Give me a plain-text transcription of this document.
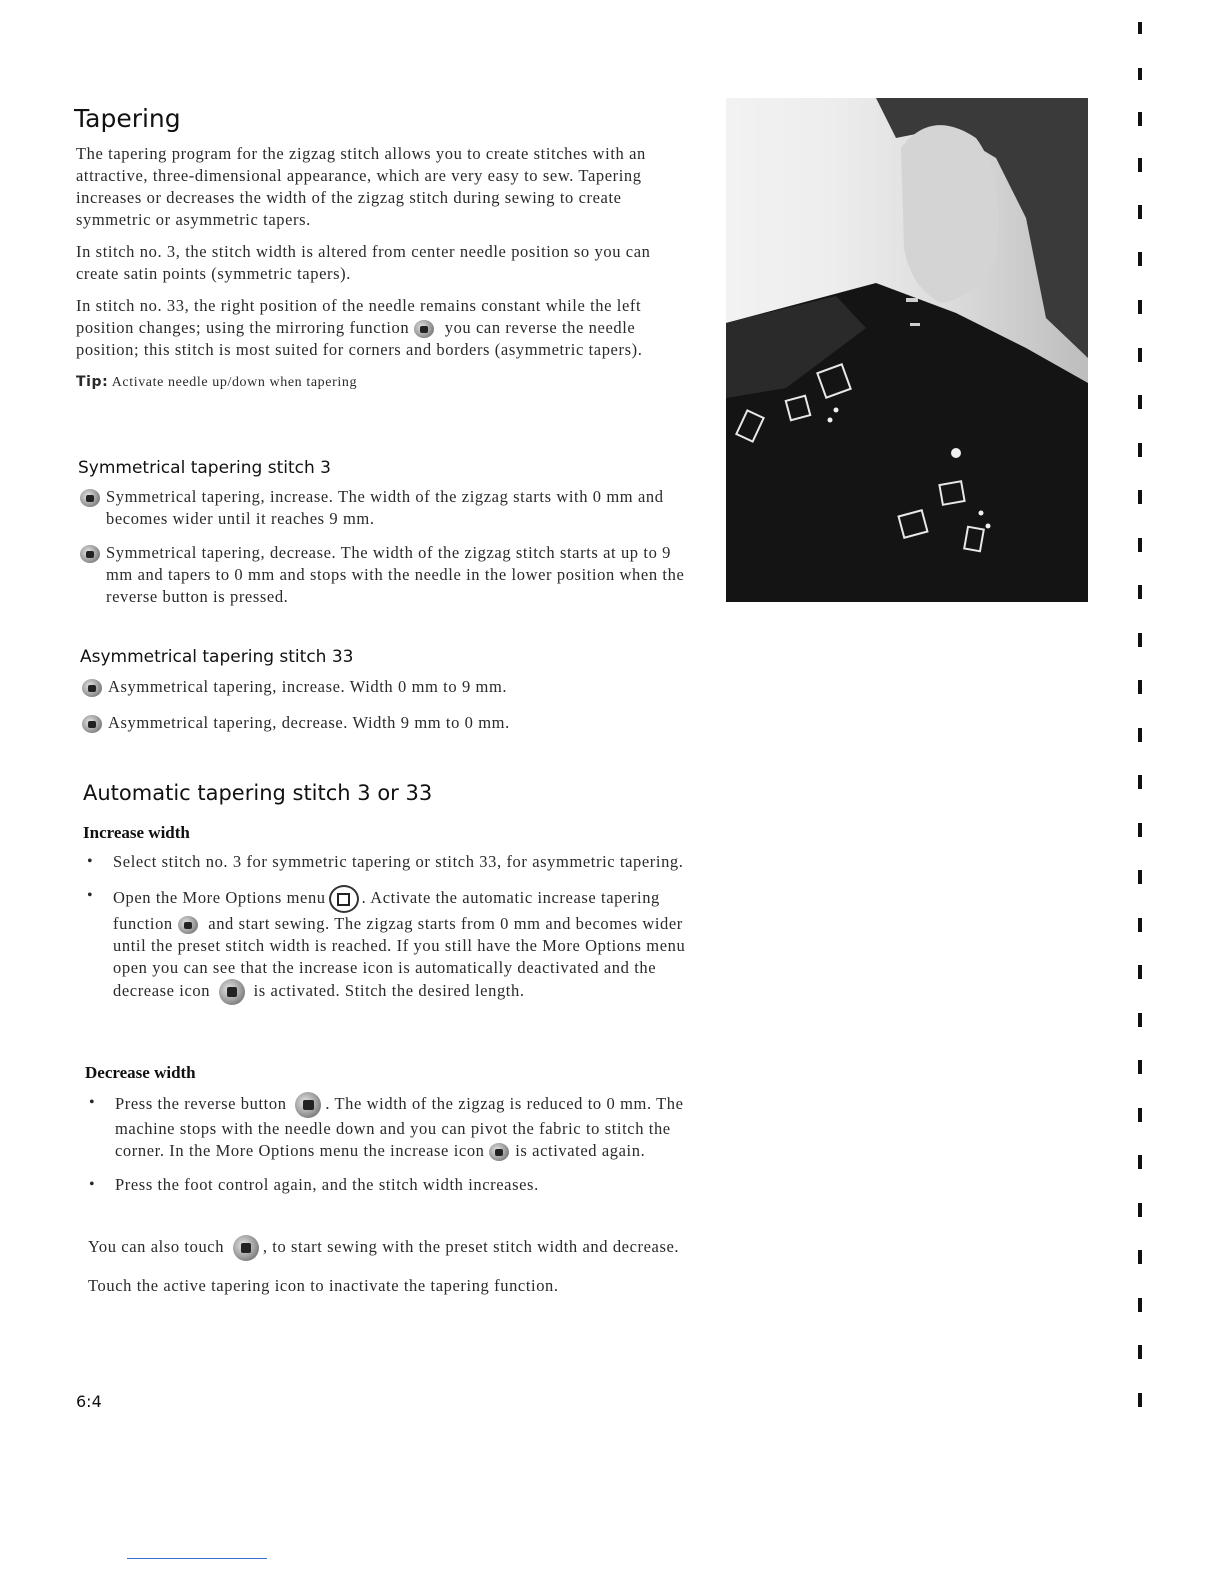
Tapering

The tapering program for the zigzag stitch allows you to create stitches with an attractive, three-dimensional appearance, which are very easy to sew. Tapering increases or decreases the width of the zigzag stitch during sewing to create symmetric or asymmetric tapers.

In stitch no. 3, the stitch width is altered from center needle position so you can create satin points (symmetric tapers).

In stitch no. 33, the right position of the needle remains constant while the left position changes; using the mirroring function you can reverse the needle position; this stitch is most suited for corners and borders (asymmetric tapers).

Tip: Activate needle up/down when tapering

Symmetrical tapering stitch 3

Symmetrical tapering, increase. The width of the zigzag starts with 0 mm and becomes wider until it reaches 9 mm.

Symmetrical tapering, decrease. The width of the zigzag stitch starts at up to 9 mm and tapers to 0 mm and stops with the needle in the lower position when the reverse button is pressed.

Asymmetrical tapering stitch 33

Asymmetrical tapering, increase. Width 0 mm to 9 mm.

Asymmetrical tapering, decrease. Width 9 mm to 0 mm.

Automatic tapering stitch 3 or 33
Increase width
• Select stitch no. 3 for symmetric tapering or stitch 33, for asymmetric tapering.
• Open the More Options menu . Activate the automatic increase tapering function and start sewing. The zigzag starts from 0 mm and becomes wider until the preset stitch width is reached. If you still have the More Options menu open you can see that the increase icon is automatically deactivated and the decrease icon	is activated. Stitch the desired length.
Decrease width
• Press the reverse button . The width of the zigzag is reduced to 0 mm. The machine stops with the needle down and you can pivot the fabric to stitch the corner. In the More Options menu the increase icon is activated again.
• Press the foot control again, and the stitch width increases.

You can also touch , to start sewing with the preset stitch width and decrease.

Touch the active tapering icon to inactivate the tapering function.

6:4
